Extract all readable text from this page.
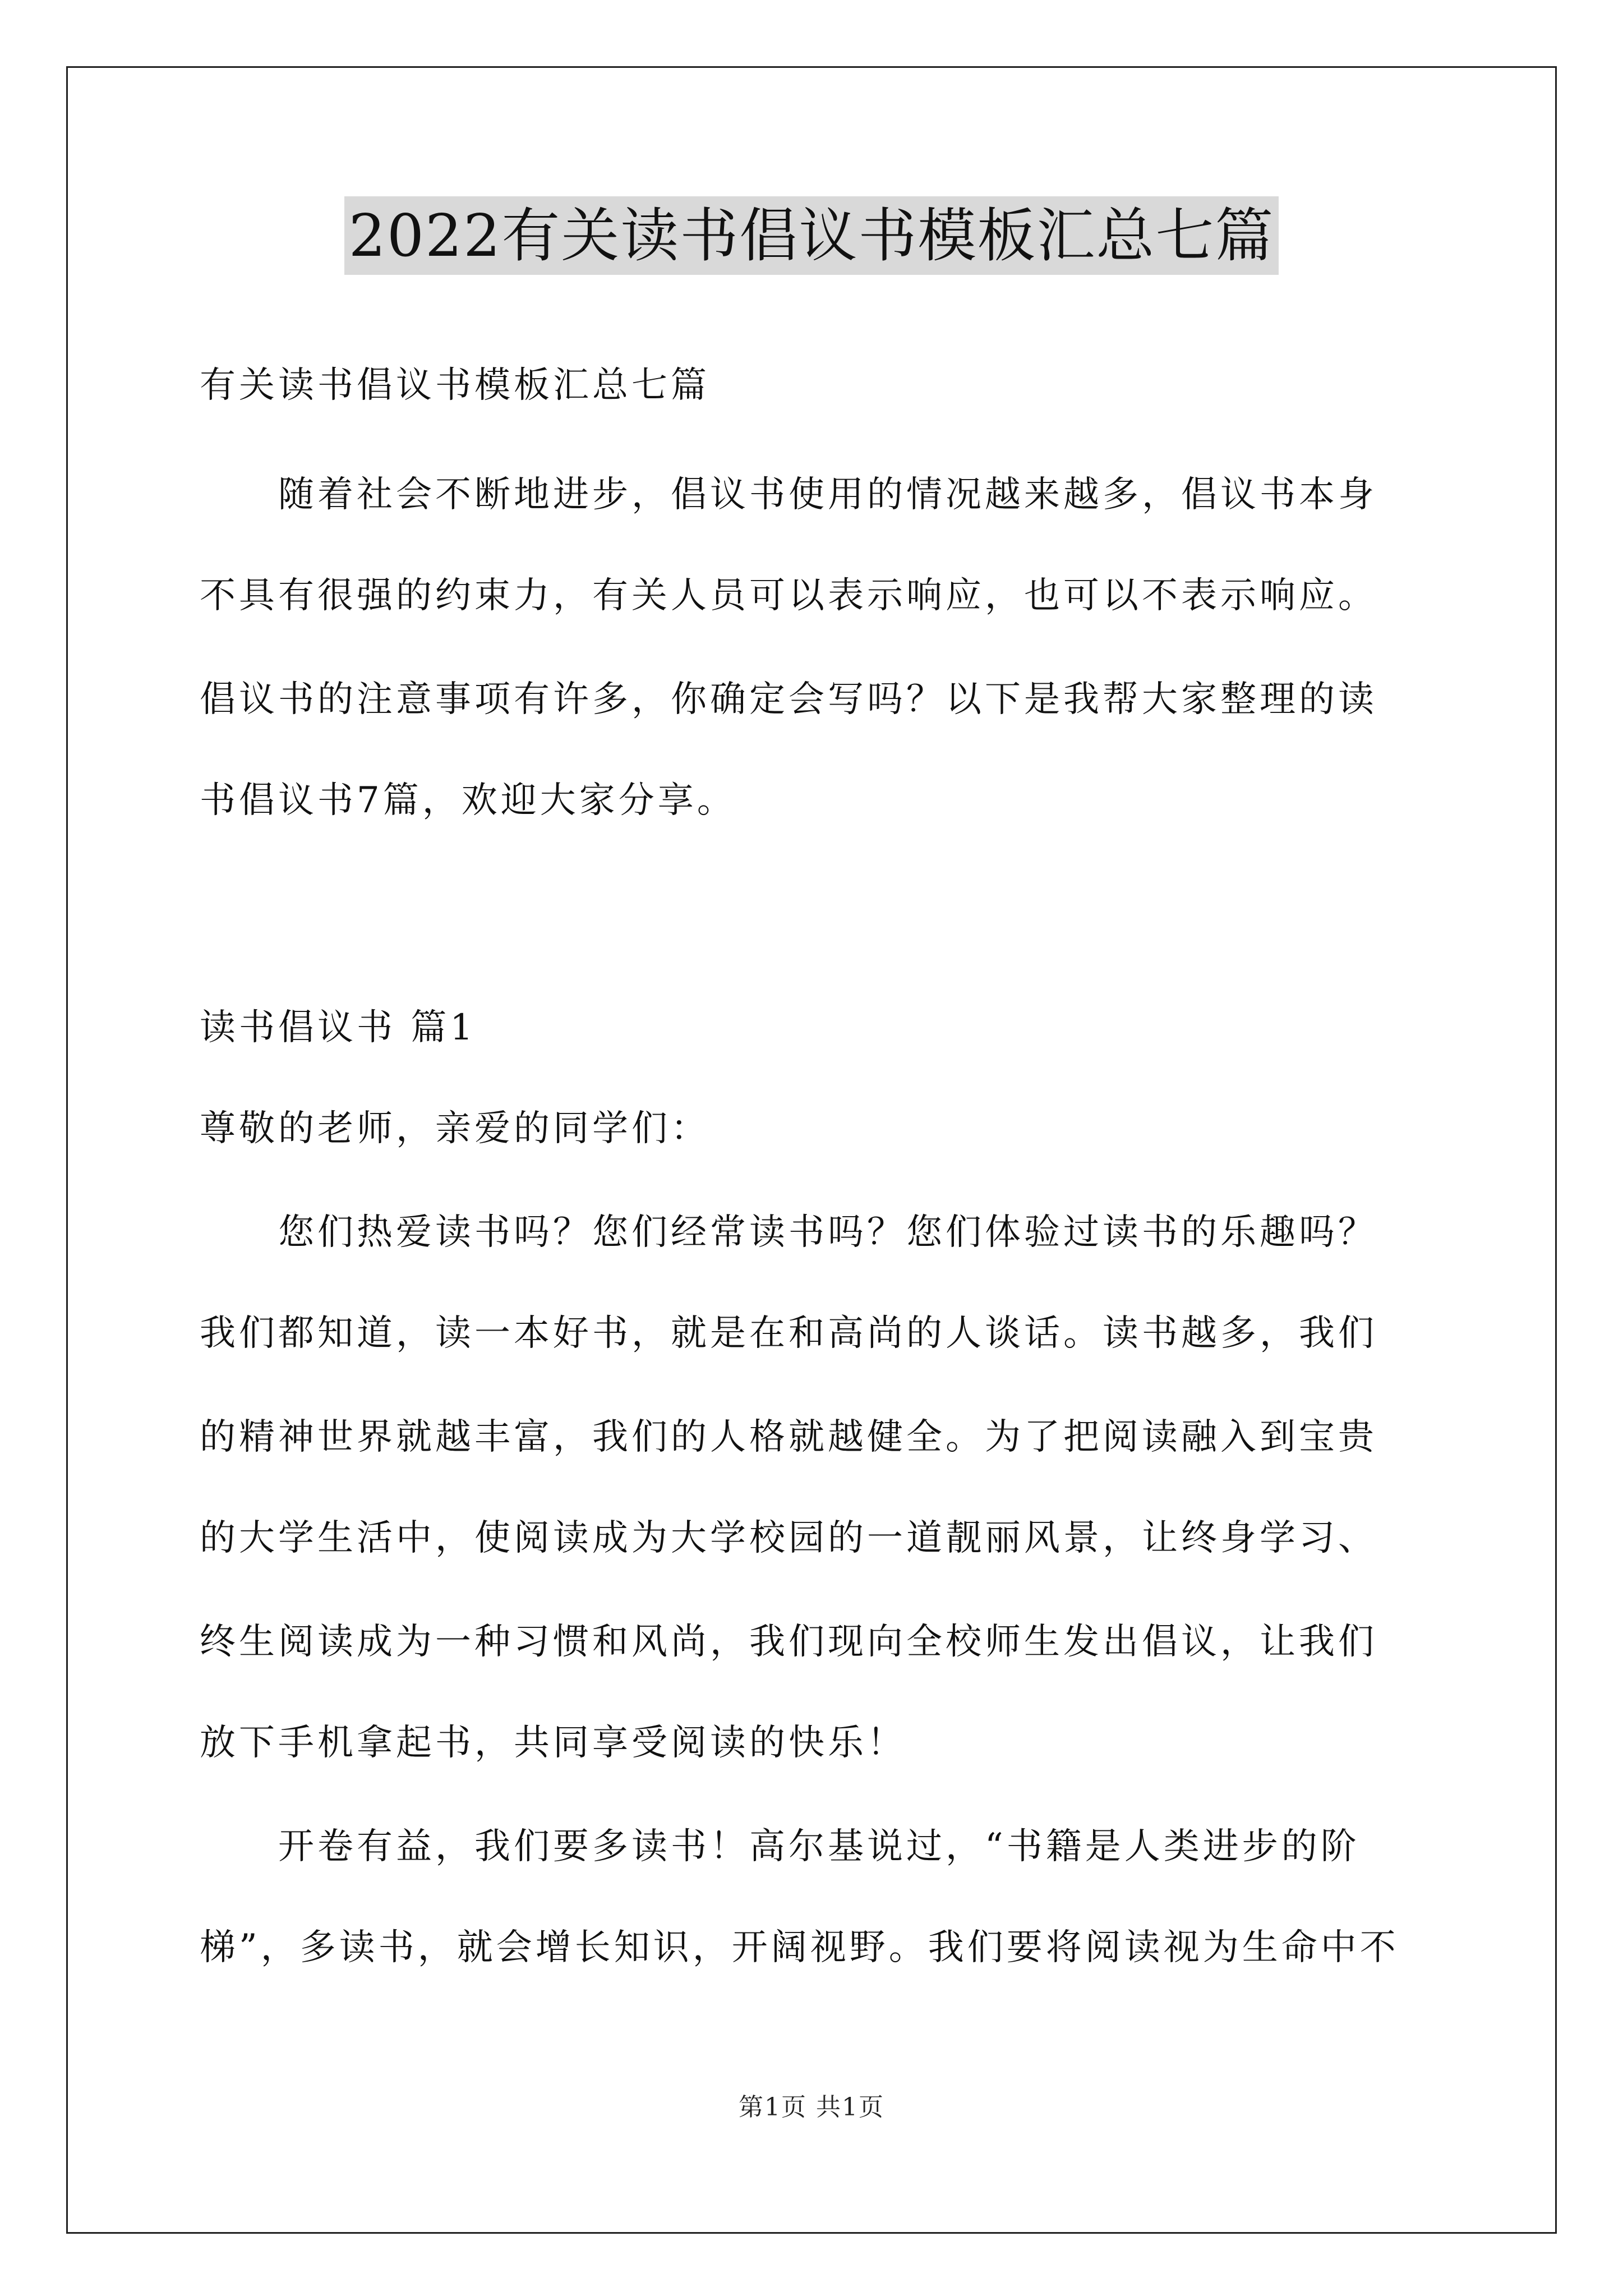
2022有关读书倡议书模板汇总七篇
有关读书倡议书模板汇总七篇
随着社会不断地进步，倡议书使用的情况越来越多，倡议书本身
不具有很强的约束力，有关人员可以表示响应，也可以不表示响应。
倡议书的注意事项有许多，你确定会写吗？以下是我帮大家整理的读
书倡议书7篇，欢迎大家分享。
读书倡议书 篇1
尊敬的老师，亲爱的同学们：
您们热爱读书吗？您们经常读书吗？您们体验过读书的乐趣吗？
我们都知道，读一本好书，就是在和高尚的人谈话。读书越多，我们
的精神世界就越丰富，我们的人格就越健全。为了把阅读融入到宝贵
的大学生活中，使阅读成为大学校园的一道靓丽风景，让终身学习、
终生阅读成为一种习惯和风尚，我们现向全校师生发出倡议，让我们
放下手机拿起书，共同享受阅读的快乐！
开卷有益，我们要多读书！高尔基说过，“书籍是人类进步的阶
梯”，多读书，就会增长知识，开阔视野。我们要将阅读视为生命中不
第1页 共1页
